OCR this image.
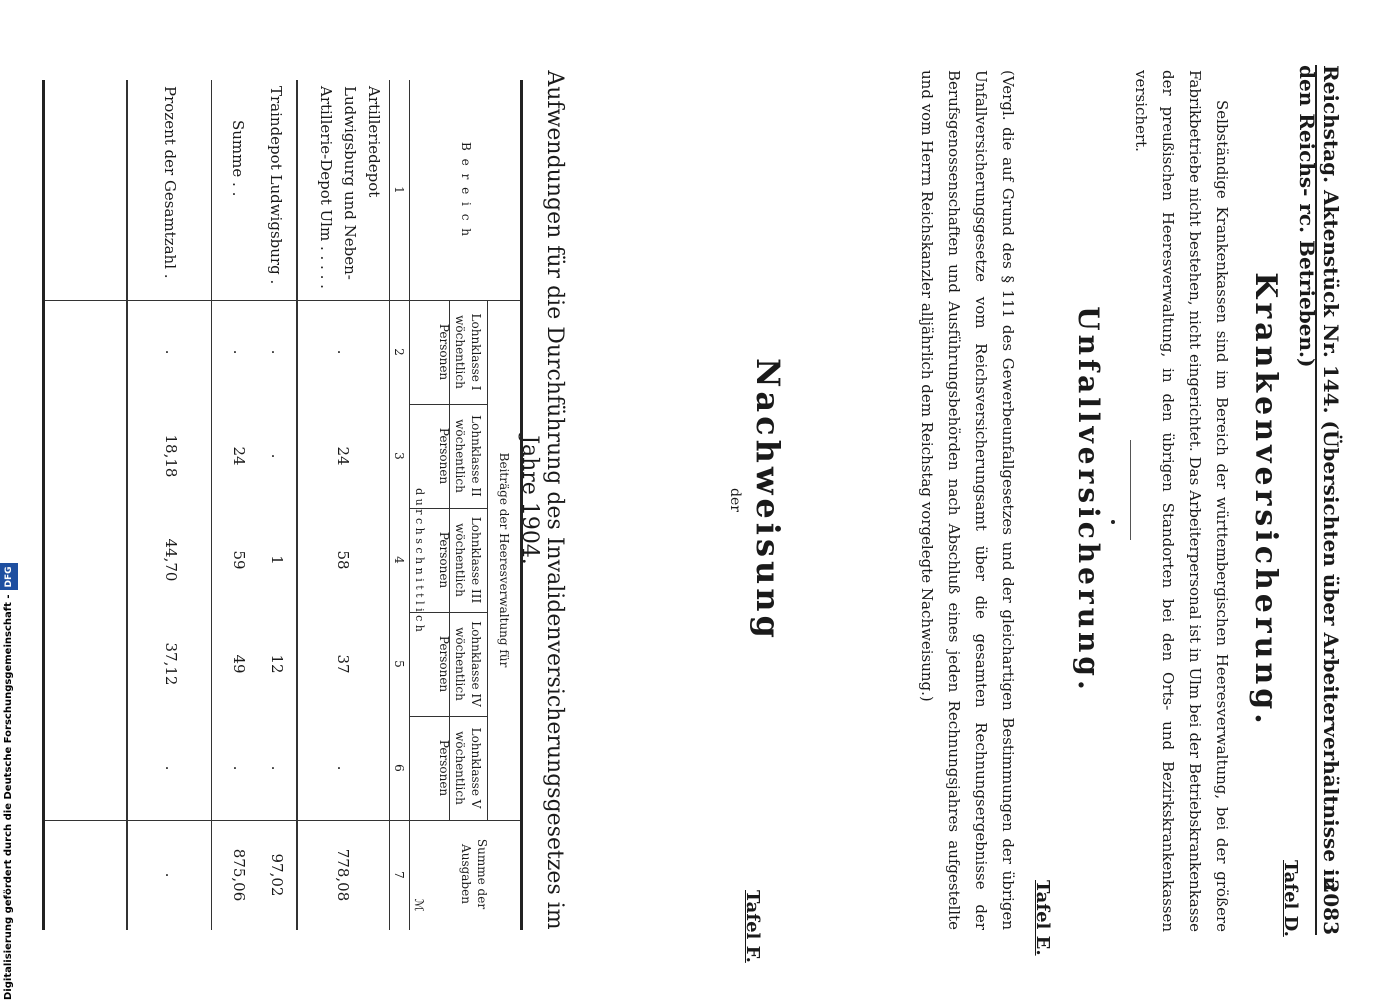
Reichstag. Aktenstück Nr. 144. (Übersichten über Arbeiterverhältnisse in den Reichs- rc. Betrieben.)
2083
Tafel D.
Krankenversicherung.
Selbständige Krankenkassen sind im Bereich der württembergischen Heeresverwaltung, bei der größere Fabrikbetriebe nicht bestehen, nicht eingerichtet. Das Arbeiterpersonal ist in Ulm bei der Betriebskrankenkasse der preußischen Heeresverwaltung, in den übrigen Standorten bei den Orts- und Bezirkskrankenkassen versichert.
Tafel E.
Unfallversicherung.
(Vergl. die auf Grund des § 111 des Gewerbeunfallgesetzes und der gleichartigen Bestimmungen der übrigen Unfallversicherungsgesetze vom Reichsversicherungsamt über die gesamten Rechnungsergebnisse der Berufsgenossenschaften und Ausführungsbehörden nach Abschluß eines jeden Rechnungsjahres aufgestellte und vom Herrn Reichskanzler alljährlich dem Reichstag vorgelegte Nachweisung.)
Tafel F.
Nachweisung
der
Aufwendungen für die Durchführung des Invalidenversicherungsgesetzes im Jahre 1904.
B e r e i c h
Beiträge der Heeresverwaltung für
Lohnklasse I wöchentlich Personen
Lohnklasse II wöchentlich Personen
Lohnklasse III wöchentlich Personen
Lohnklasse IV wöchentlich Personen
Lohnklasse V wöchentlich Personen
d u r c h s c h n i t t l i c h
Summe der Ausgaben
ℳ
1
2
3
4
5
6
7
Artilleriedepot Ludwigsburg und Neben-Artillerie-Depot Ulm . . . . .
.
24
58
37
.
778,08
Traindepot Ludwigsburg .
.
.
1
12
.
97,02
Summe . .
.
24
59
49
.
875,06
Prozent der Gesamtzahl .
.
18,18
44,70
37,12
.
.
Digitalisierung gefördert durch die Deutsche Forschungsgemeinschaft -DFG
